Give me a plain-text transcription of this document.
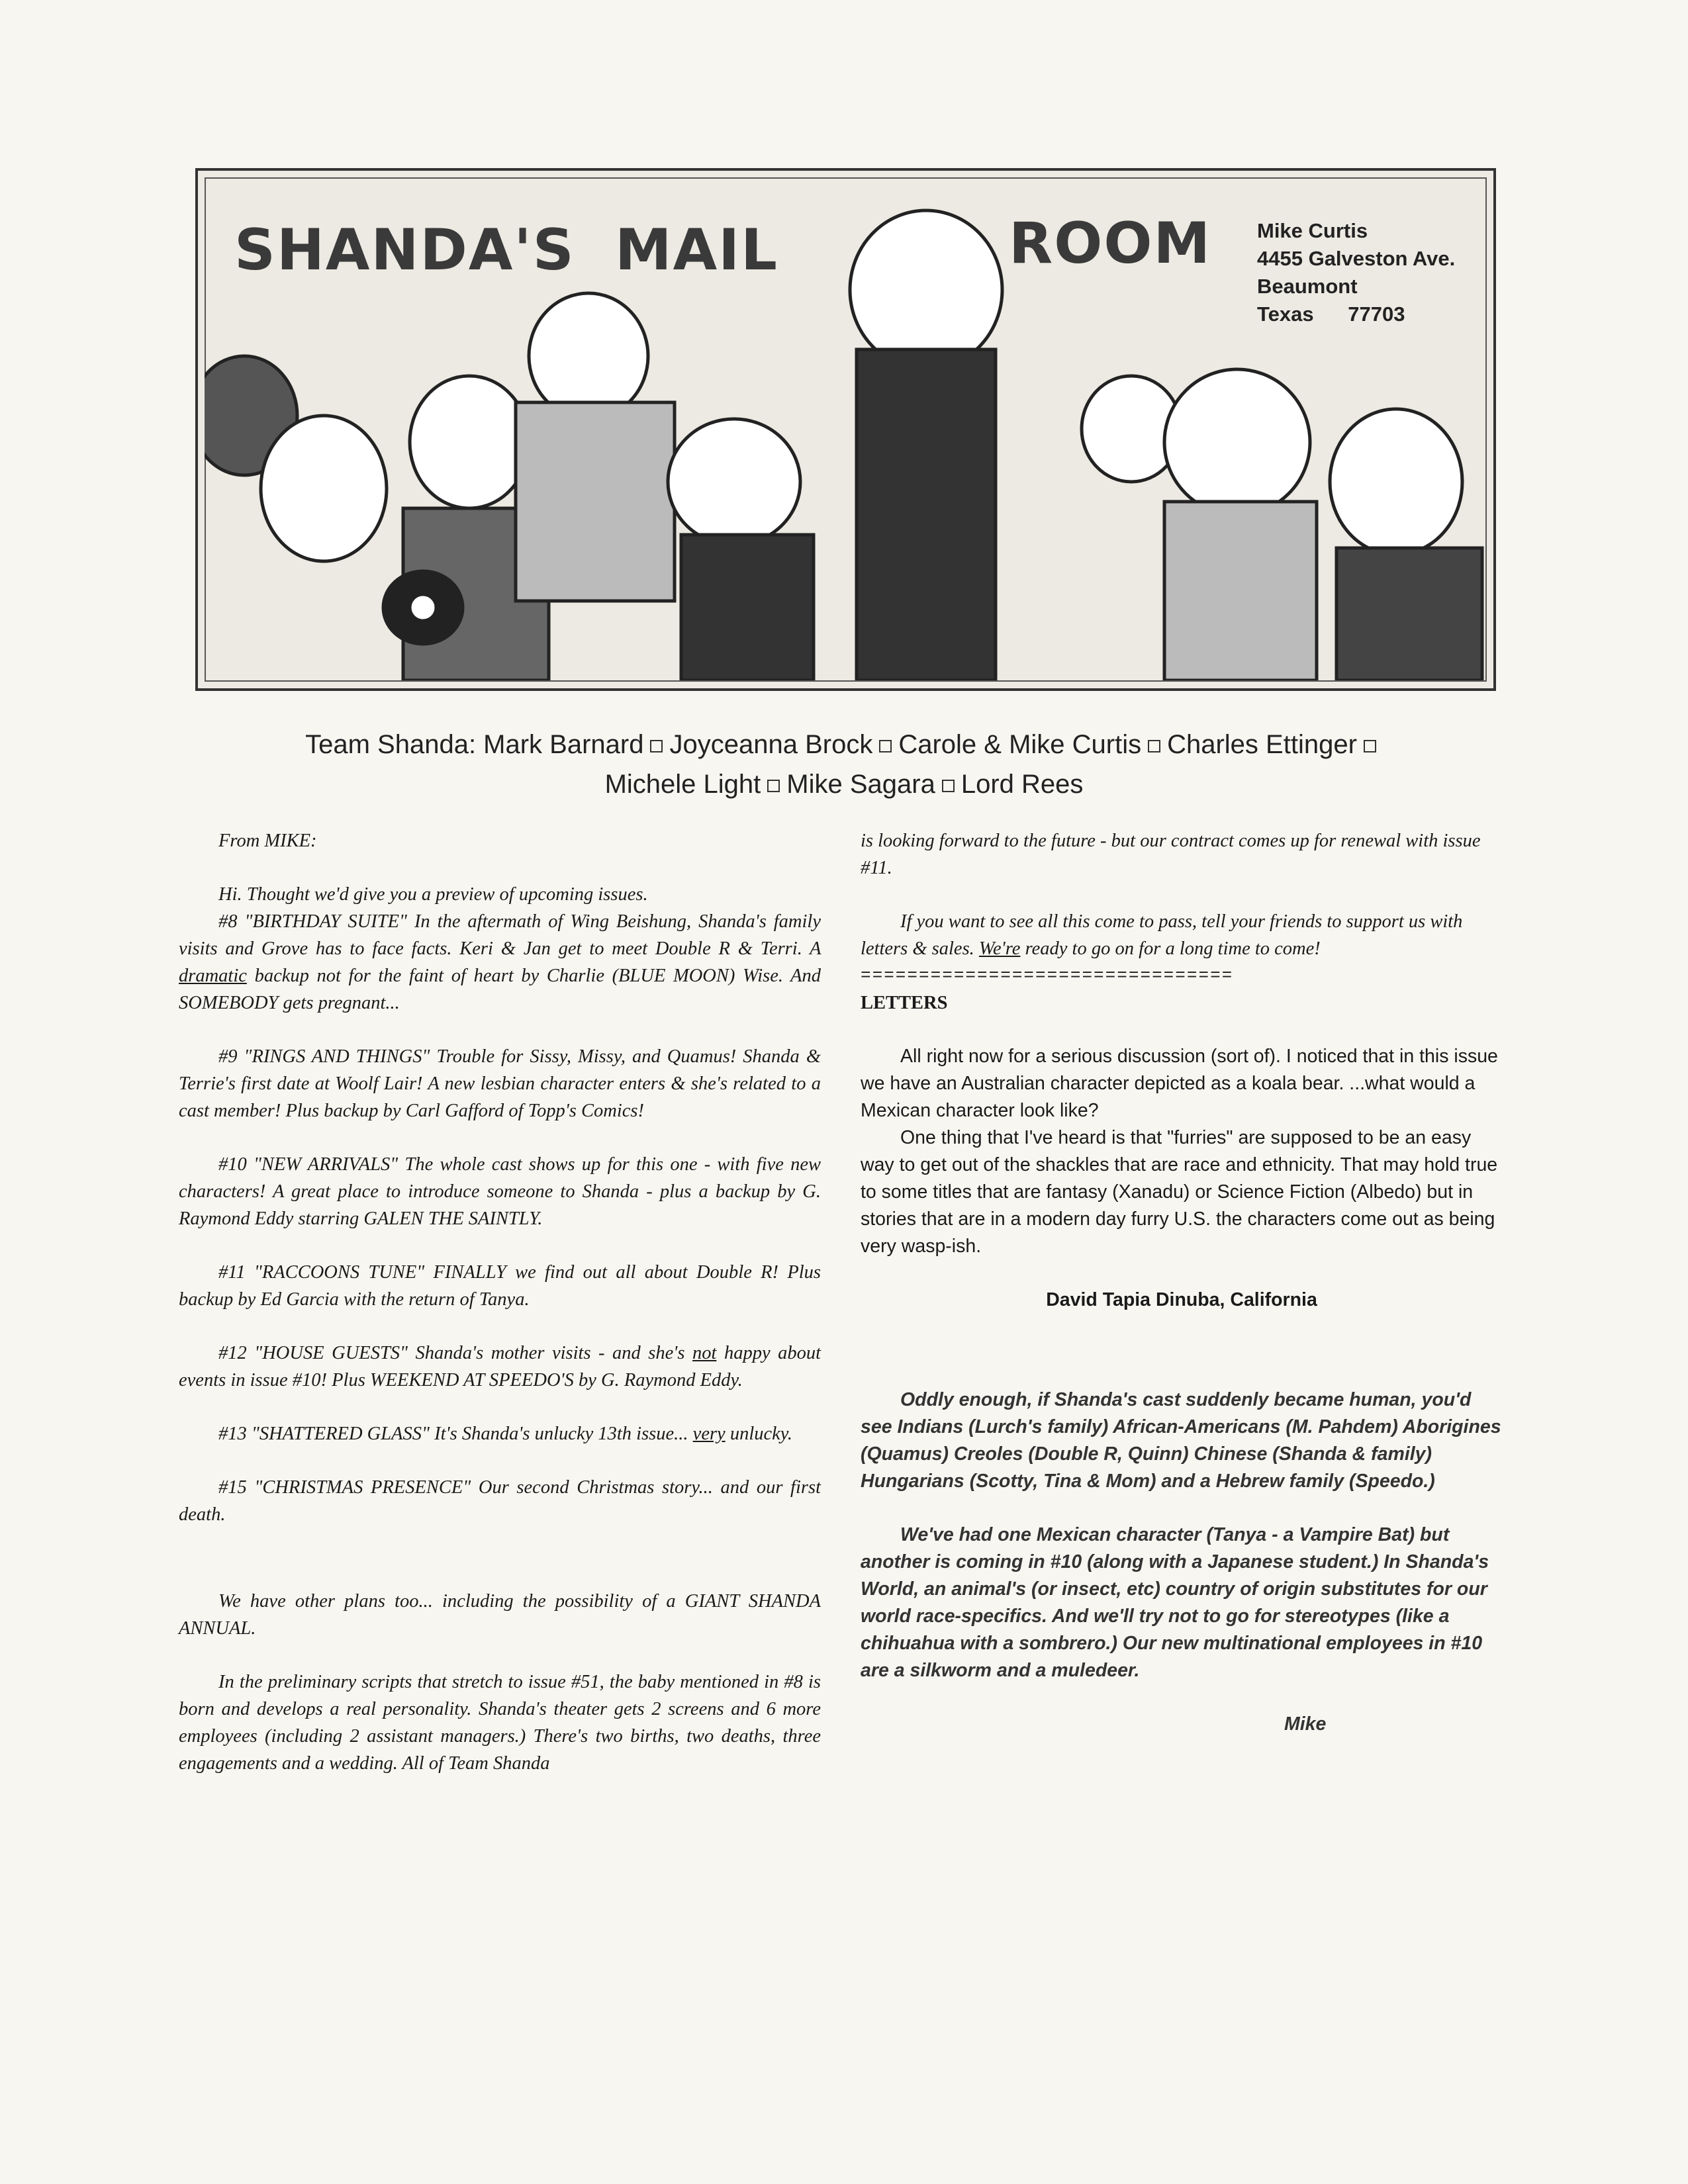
SHANDA'S MAIL	ROOM Mike Curtis
4455 Galveston Ave.
Beaumont
Texas      77703
Team Shanda: Mark Barnard Joyceanna Brock Carole & Mike Curtis Charles Ettinger
Michele Light Mike Sagara Lord Rees

From MIKE:

Hi. Thought we'd give you a preview of upcoming issues.

#8 "BIRTHDAY SUITE" In the aftermath of Wing Beishung, Shanda's family visits and Grove has to face facts. Keri & Jan get to meet Double R & Terri. A dramatic backup not for the faint of heart by Charlie (BLUE MOON) Wise. And SOMEBODY gets pregnant...

#9 "RINGS AND THINGS" Trouble for Sissy, Missy, and Quamus! Shanda & Terrie's first date at Woolf Lair! A new lesbian character enters & she's related to a cast member! Plus backup by Carl Gafford of Topp's Comics!

#10 "NEW ARRIVALS" The whole cast shows up for this one - with five new characters! A great place to introduce someone to Shanda - plus a backup by G. Raymond Eddy starring GALEN THE SAINTLY.

#11 "RACCOONS TUNE" FINALLY we find out all about Double R! Plus backup by Ed Garcia with the return of Tanya.

#12 "HOUSE GUESTS" Shanda's mother visits - and she's not happy about events in issue #10! Plus WEEKEND AT SPEEDO'S by G. Raymond Eddy.

#13 "SHATTERED GLASS" It's Shanda's unlucky 13th issue... very unlucky.

#15 "CHRISTMAS PRESENCE" Our second Christmas story... and our first death.

We have other plans too... including the possibility of a GIANT SHANDA ANNUAL.

In the preliminary scripts that stretch to issue #51, the baby mentioned in #8 is born and develops a real personality. Shanda's theater gets 2 screens and 6 more employees (including 2 assistant managers.) There's two births, two deaths, three engagements and a wedding. All of Team Shanda

is looking forward to the future - but our contract comes up for renewal with issue #11.

If you want to see all this come to pass, tell your friends to support us with letters & sales. We're ready to go on for a long time to come!

================================
LETTERS

All right now for a serious discussion (sort of). I noticed that in this issue we have an Australian character depicted as a koala bear. ...what would a Mexican character look like?

One thing that I've heard is that "furries" are supposed to be an easy way to get out of the shackles that are race and ethnicity. That may hold true to some titles that are fantasy (Xanadu) or Science Fiction (Albedo) but in stories that are in a modern day furry U.S. the characters come out as being very wasp-ish.

David Tapia Dinuba, California

Oddly enough, if Shanda's cast suddenly became human, you'd see Indians (Lurch's family) African-Americans (M. Pahdem) Aborigines (Quamus) Creoles (Double R, Quinn) Chinese (Shanda & family) Hungarians (Scotty, Tina & Mom) and a Hebrew family (Speedo.)

We've had one Mexican character (Tanya - a Vampire Bat) but another is coming in #10 (along with a Japanese student.) In Shanda's World, an animal's (or insect, etc) country of origin substitutes for our world race-specifics. And we'll try not to go for stereotypes (like a chihuahua with a sombrero.) Our new multinational employees in #10 are a silkworm and a muledeer.

Mike
